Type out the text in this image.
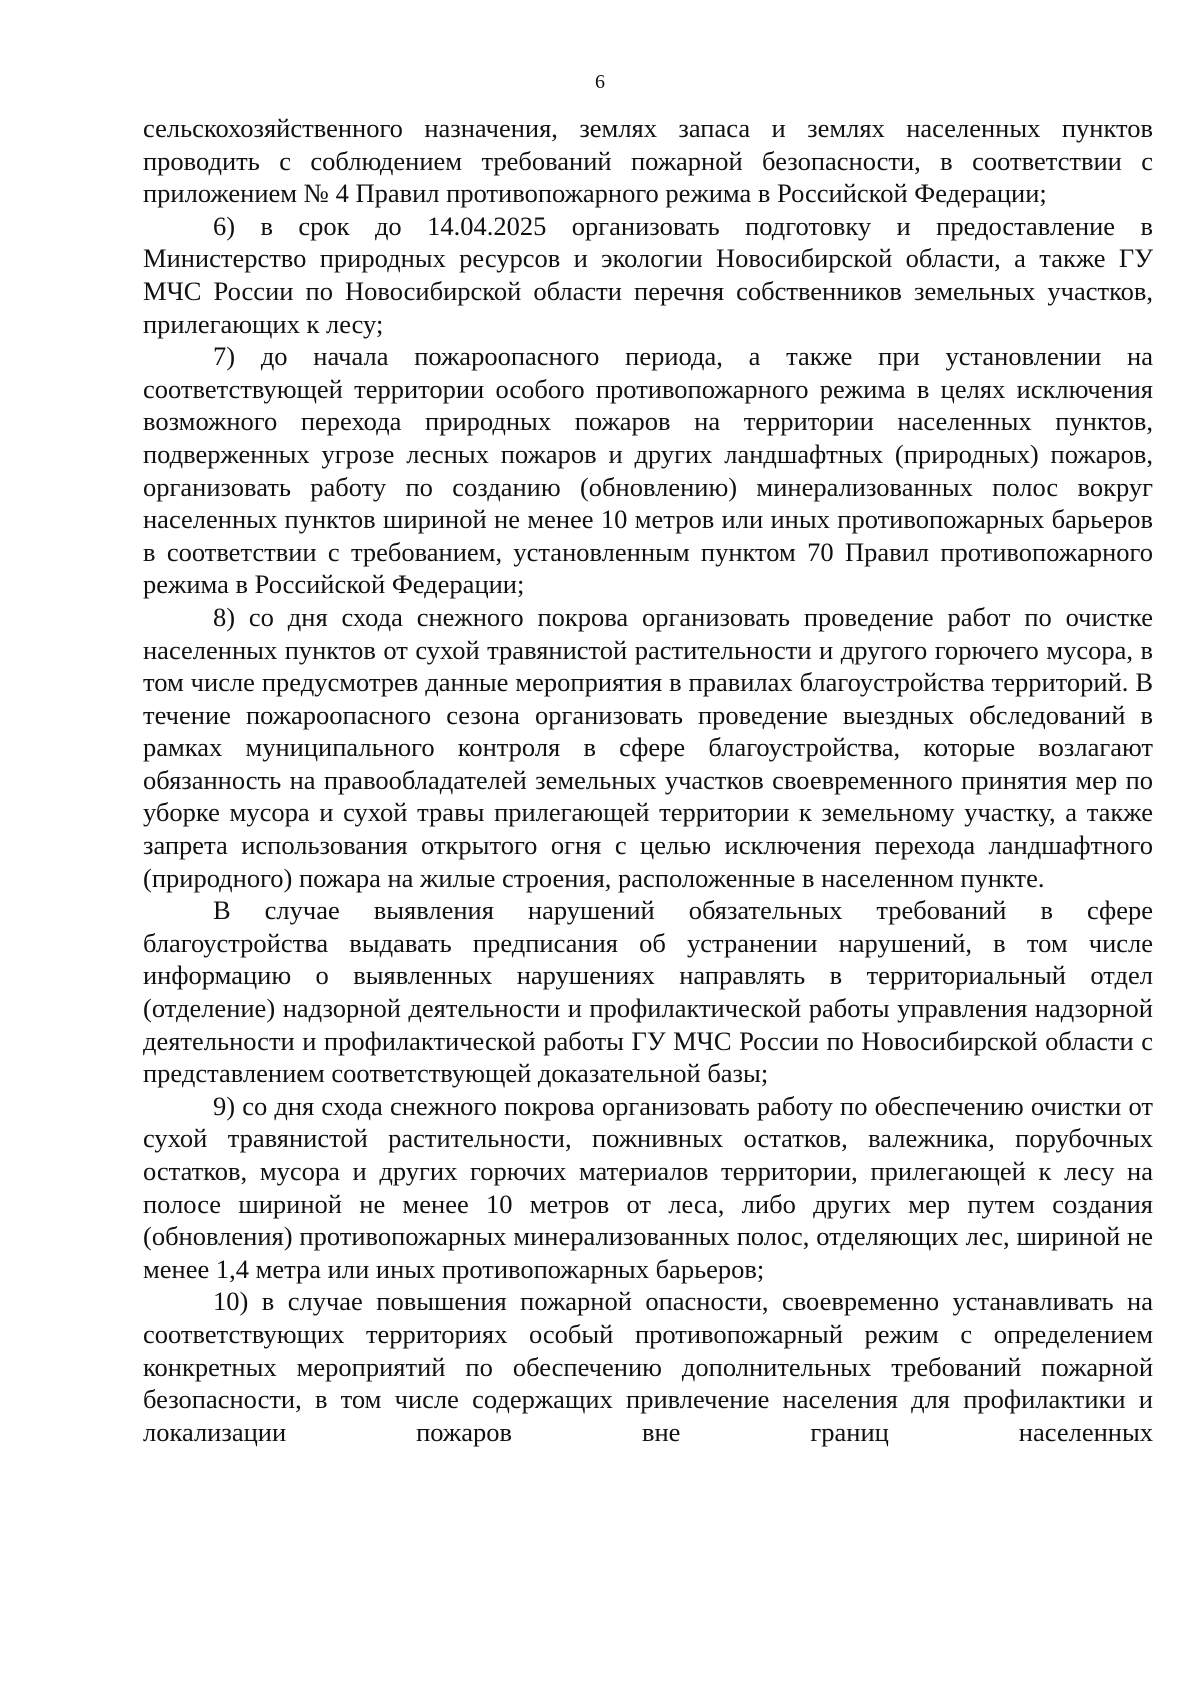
6

сельскохозяйственного назначения, землях запаса и землях населенных пунктов проводить с соблюдением требований пожарной безопасности, в соответствии с приложением № 4 Правил противопожарного режима в Российской Федерации;

6) в срок до 14.04.2025 организовать подготовку и предоставление в Министерство природных ресурсов и экологии Новосибирской области, а также ГУ МЧС России по Новосибирской области перечня собственников земельных участков, прилегающих к лесу;

7) до начала пожароопасного периода, а также при установлении на соответствующей территории особого противопожарного режима в целях исключения возможного перехода природных пожаров на территории населенных пунктов, подверженных угрозе лесных пожаров и других ландшафтных (природных) пожаров, организовать работу по созданию (обновлению) минерализованных полос вокруг населенных пунктов шириной не менее 10 метров или иных противопожарных барьеров в соответствии с требованием, установленным пунктом 70 Правил противопожарного режима в Российской Федерации;

8) со дня схода снежного покрова организовать проведение работ по очистке населенных пунктов от сухой травянистой растительности и другого горючего мусора, в том числе предусмотрев данные мероприятия в правилах благоустройства территорий. В течение пожароопасного сезона организовать проведение выездных обследований в рамках муниципального контроля в сфере благоустройства, которые возлагают обязанность на правообладателей земельных участков своевременного принятия мер по уборке мусора и сухой травы прилегающей территории к земельному участку, а также запрета использования открытого огня с целью исключения перехода ландшафтного (природного) пожара на жилые строения, расположенные в населенном пункте.

В случае выявления нарушений обязательных требований в сфере благоустройства выдавать предписания об устранении нарушений, в том числе информацию о выявленных нарушениях направлять в территориальный отдел (отделение) надзорной деятельности и профилактической работы управления надзорной деятельности и профилактической работы ГУ МЧС России по Новосибирской области с представлением соответствующей доказательной базы;

9) со дня схода снежного покрова организовать работу по обеспечению очистки от сухой травянистой растительности, пожнивных остатков, валежника, порубочных остатков, мусора и других горючих материалов территории, прилегающей к лесу на полосе шириной не менее 10 метров от леса, либо других мер путем создания (обновления) противопожарных минерализованных полос, отделяющих лес, шириной не менее 1,4 метра или иных противопожарных барьеров;

10) в случае повышения пожарной опасности, своевременно устанавливать на соответствующих территориях особый противопожарный режим с определением конкретных мероприятий по обеспечению дополнительных требований пожарной безопасности, в том числе содержащих привлечение населения для профилактики и локализации пожаров вне границ населенных
